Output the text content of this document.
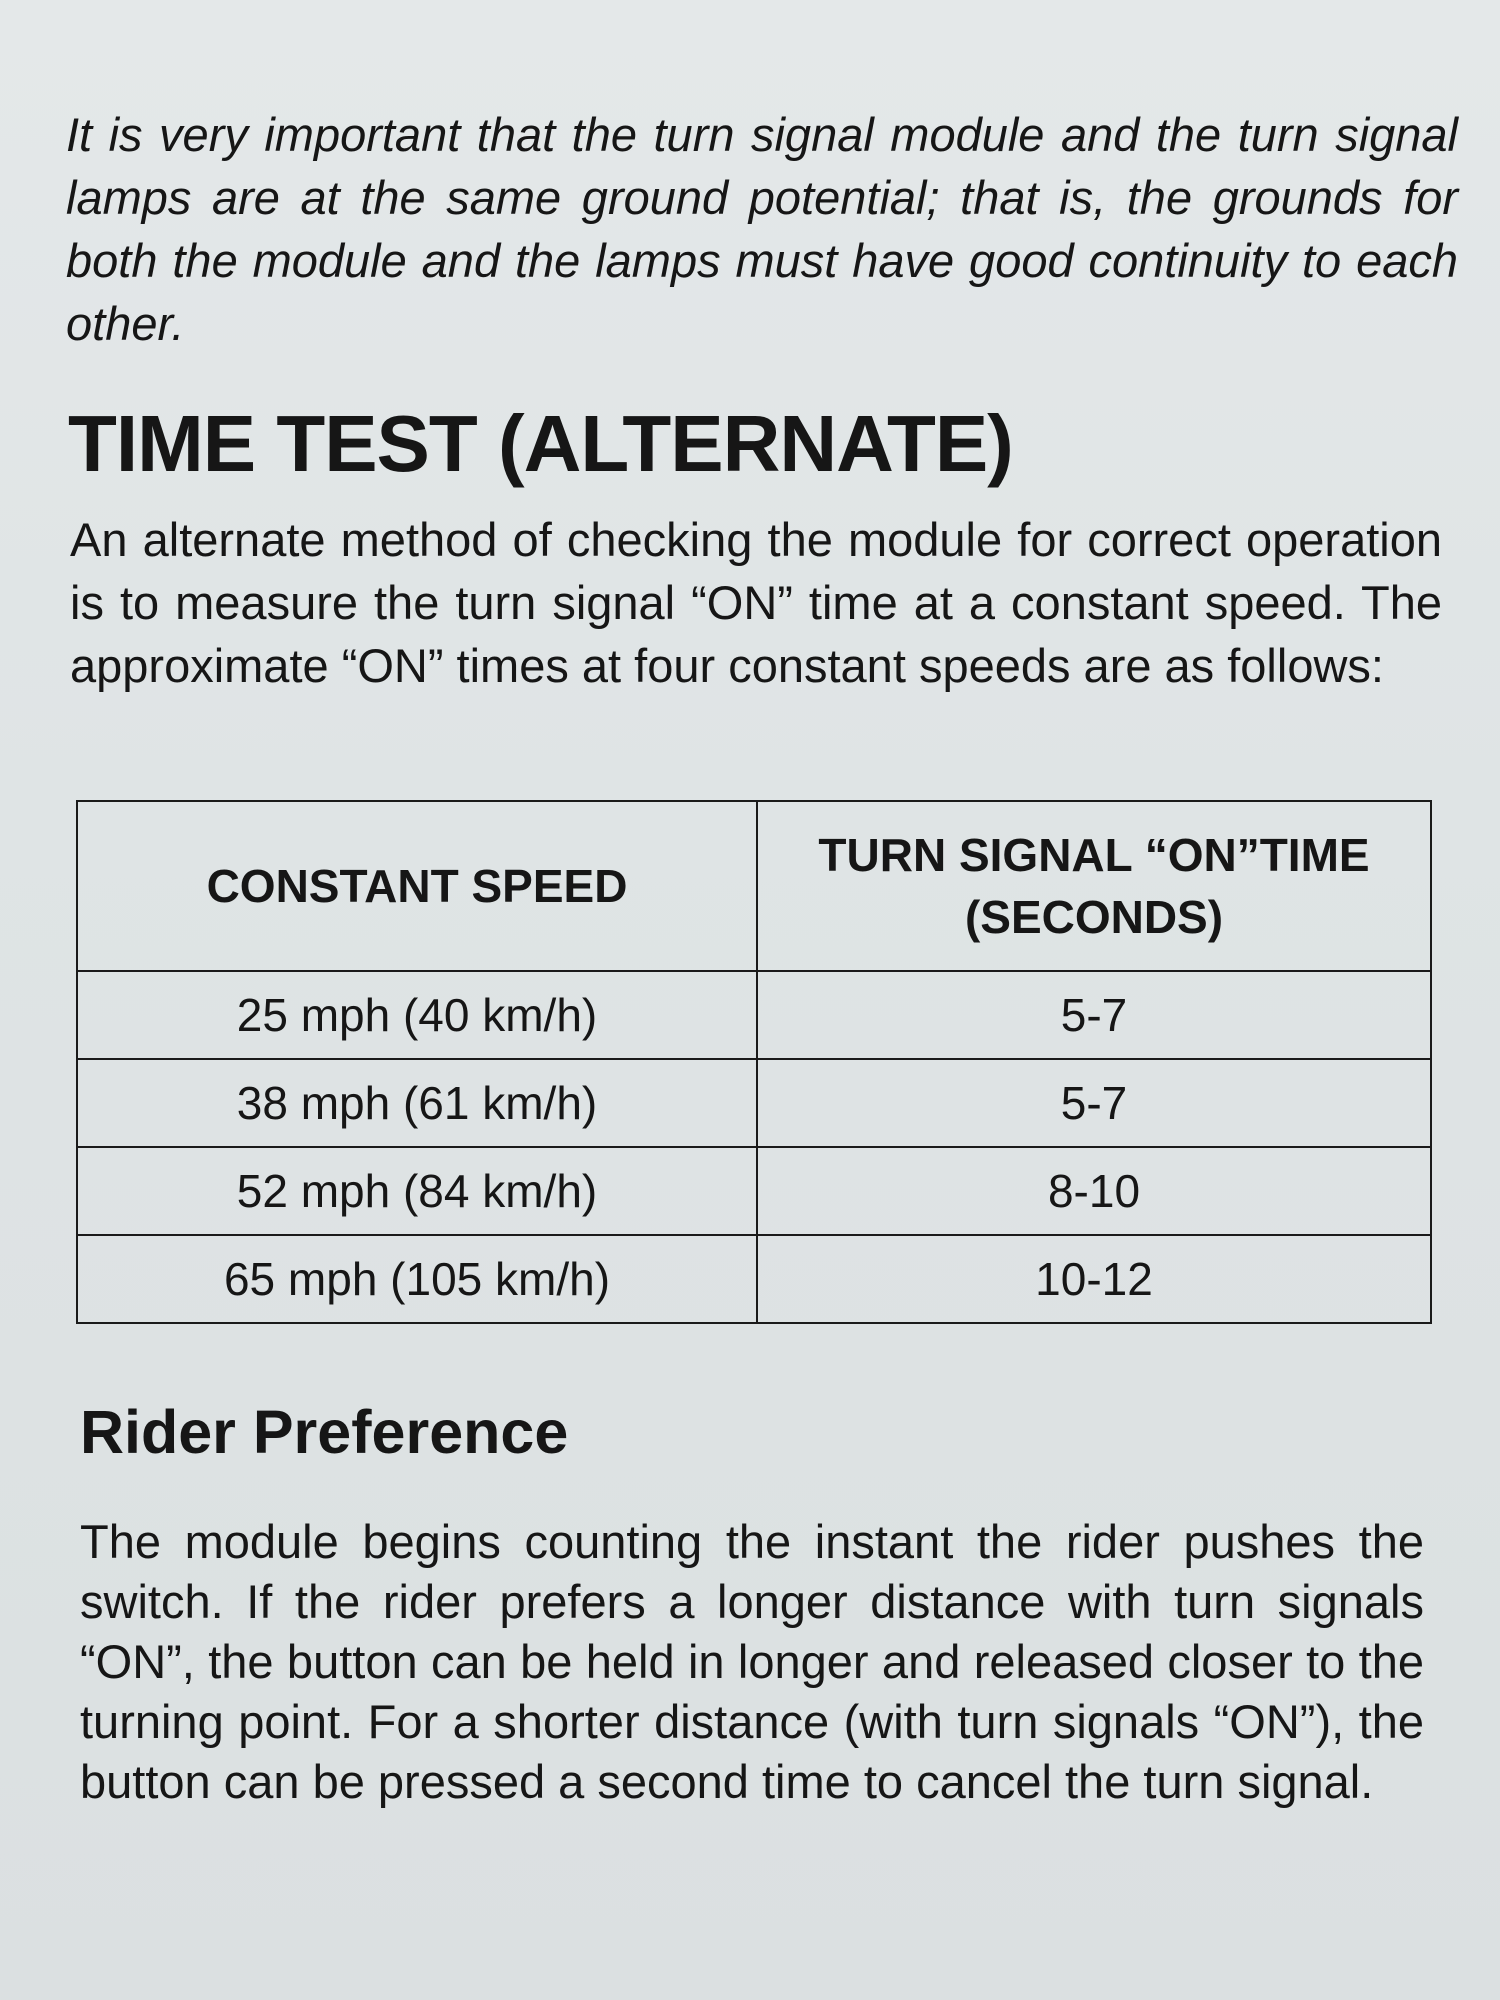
It is very important that the turn signal module and the turn signal lamps are at the same ground potential; that is, the grounds for both the module and the lamps must have good continuity to each other.

TIME TEST (ALTERNATE)

An alternate method of checking the module for correct operation is to measure the turn signal “ON” time at a constant speed. The approximate “ON” times at four constant speeds are as follows:

CONSTANT SPEED	TURN SIGNAL “ON”TIME
(SECONDS)
25 mph (40 km/h)	5-7
38 mph (61 km/h)	5-7
52 mph (84 km/h)	8-10
65 mph (105 km/h)	10-12
Rider Preference

The module begins counting the instant the rider pushes the switch. If the rider prefers a longer distance with turn signals “ON”, the button can be held in longer and released closer to the turning point. For a shorter distance (with turn signals “ON”), the button can be pressed a second time to cancel the turn signal.
